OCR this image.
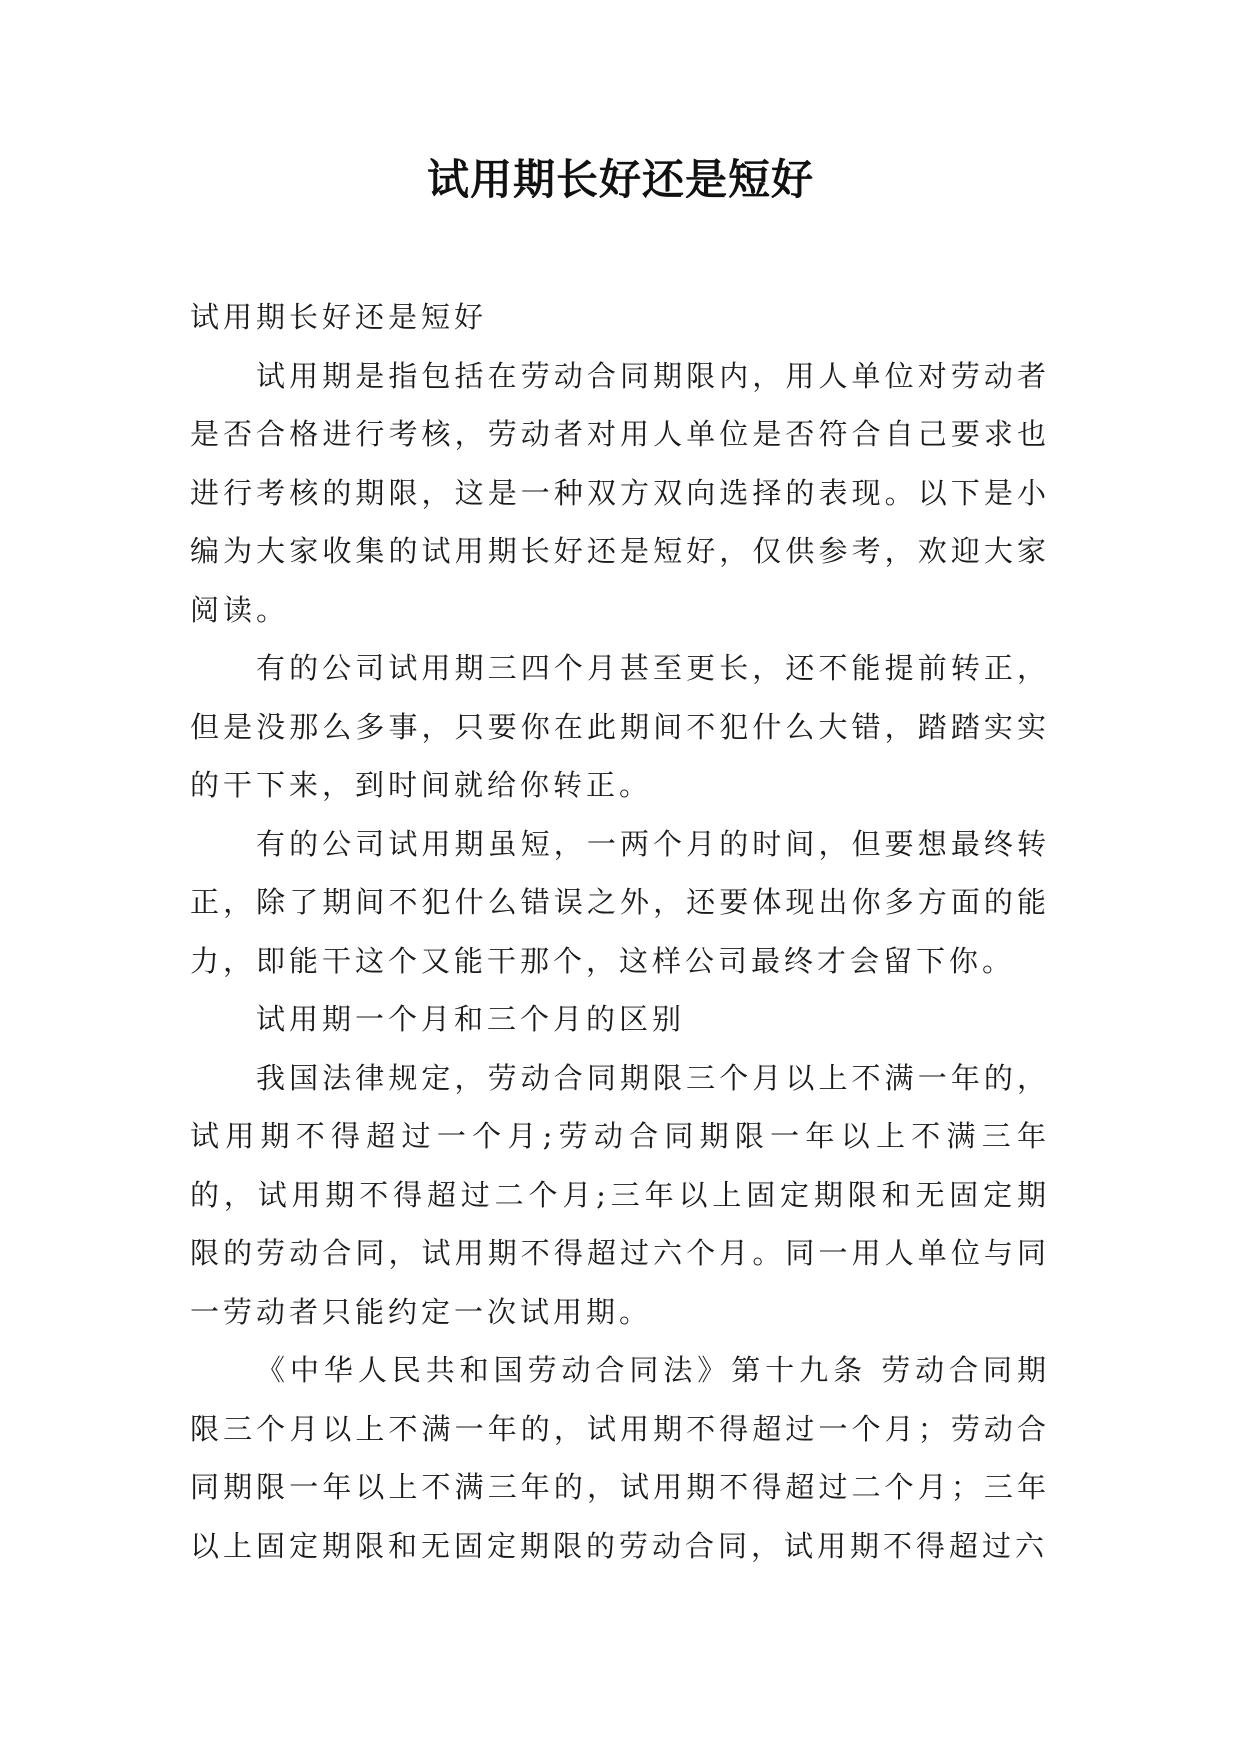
试用期长好还是短好

试用期长好还是短好

试用期是指包括在劳动合同期限内，用人单位对劳动者是否合格进行考核，劳动者对用人单位是否符合自己要求也进行考核的期限，这是一种双方双向选择的表现。以下是小编为大家收集的试用期长好还是短好，仅供参考，欢迎大家阅读。

有的公司试用期三四个月甚至更长，还不能提前转正，但是没那么多事，只要你在此期间不犯什么大错，踏踏实实的干下来，到时间就给你转正。

有的公司试用期虽短，一两个月的时间，但要想最终转正，除了期间不犯什么错误之外，还要体现出你多方面的能力，即能干这个又能干那个，这样公司最终才会留下你。

试用期一个月和三个月的区别

我国法律规定，劳动合同期限三个月以上不满一年的，试用期不得超过一个月;劳动合同期限一年以上不满三年的，试用期不得超过二个月;三年以上固定期限和无固定期限的劳动合同，试用期不得超过六个月。同一用人单位与同一劳动者只能约定一次试用期。

《中华人民共和国劳动合同法》第十九条 劳动合同期限三个月以上不满一年的，试用期不得超过一个月；劳动合同期限一年以上不满三年的，试用期不得超过二个月；三年以上固定期限和无固定期限的劳动合同，试用期不得超过六
